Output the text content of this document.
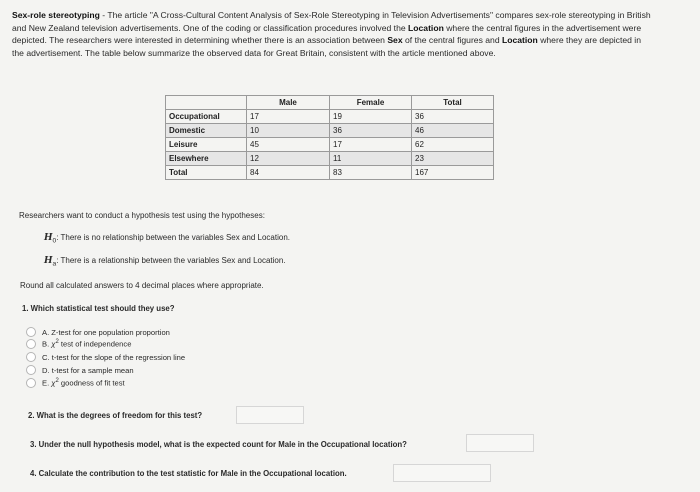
Sex-role stereotyping - The article "A Cross-Cultural Content Analysis of Sex-Role Stereotyping in Television Advertisements" compares sex-role stereotyping in British and New Zealand television advertisements. One of the coding or classification procedures involved the Location where the central figures in the advertisement were depicted. The researchers were interested in determining whether there is an association between Sex of the central figures and Location where they are depicted in the advertisement. The table below summarize the observed data for Great Britain, consistent with the article mentioned above.
	Male	Female	Total
Occupational	17	19	36
Domestic	10	36	46
Leisure	45	17	62
Elsewhere	12	11	23
Total	84	83	167
Researchers want to conduct a hypothesis test using the hypotheses:
$H_0$: There is no relationship between the variables Sex and Location.
$H_a$: There is a relationship between the variables Sex and Location.
Round all calculated answers to 4 decimal places where appropriate.
1. Which statistical test should they use?
A. Z-test for one population proportion
B. $\chi^2$ test of independence
C. t-test for the slope of the regression line
D. t-test for a sample mean
E. $\chi^2$ goodness of fit test
2. What is the degrees of freedom for this test?
3. Under the null hypothesis model, what is the expected count for Male in the Occupational location?
4. Calculate the contribution to the test statistic for Male in the Occupational location.
